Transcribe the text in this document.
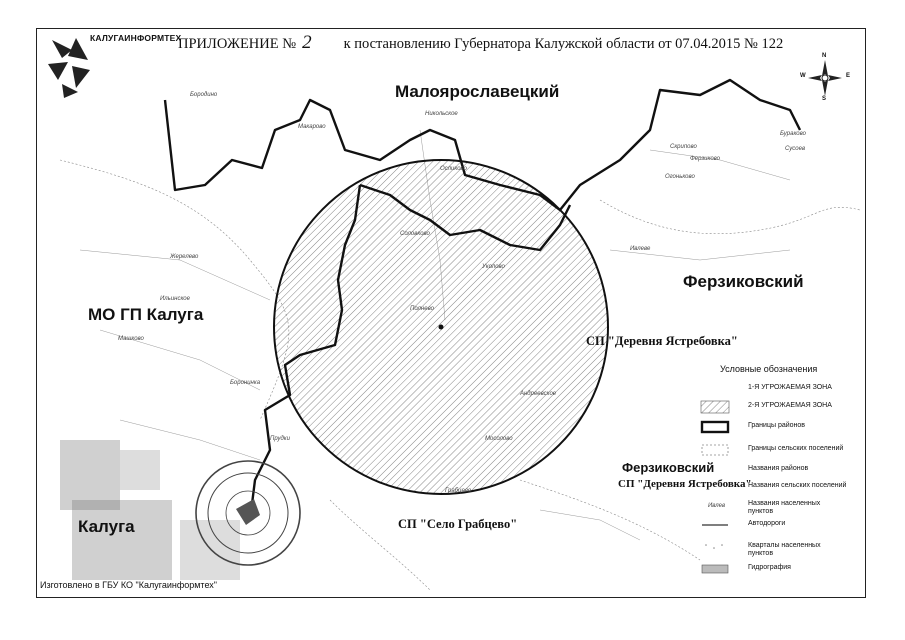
КАЛУГАИНФОРМТЕХ
ПРИЛОЖЕНИЕ № 2 к постановлению Губернатора Калужской области от 07.04.2015 № 122
N
S
W	E
Бородино
Макарово
Никольское
Осликово
Соловково
Жерелево
Ильинское
Машково
Полнево
Уколово
Ивлеве
Боронинка
Прудки
Грабцево
Андреевское
Мосолово
Ферзиково
Скрипово
Бураково
Сусоев
Огоньково
Малоярославецкий
Ферзиковский
МО ГП Калуга
Калуга
СП "Деревня Ястребовка"
СП "Село Грабцево"
Условные обозначения
1-Я УГРОЖАЕМАЯ ЗОНА
2-Я УГРОЖАЕМАЯ ЗОНА
Границы районов
Границы сельских поселений
Ферзиковский	Названия районов
СП "Деревня Ястребовка"
Названия сельских поселений
Ивлев	Названия населенных пунктов
Автодороги
Кварталы населенных пунктов
Гидрография
Изготовлено в ГБУ КО "Калугаинформтех"
